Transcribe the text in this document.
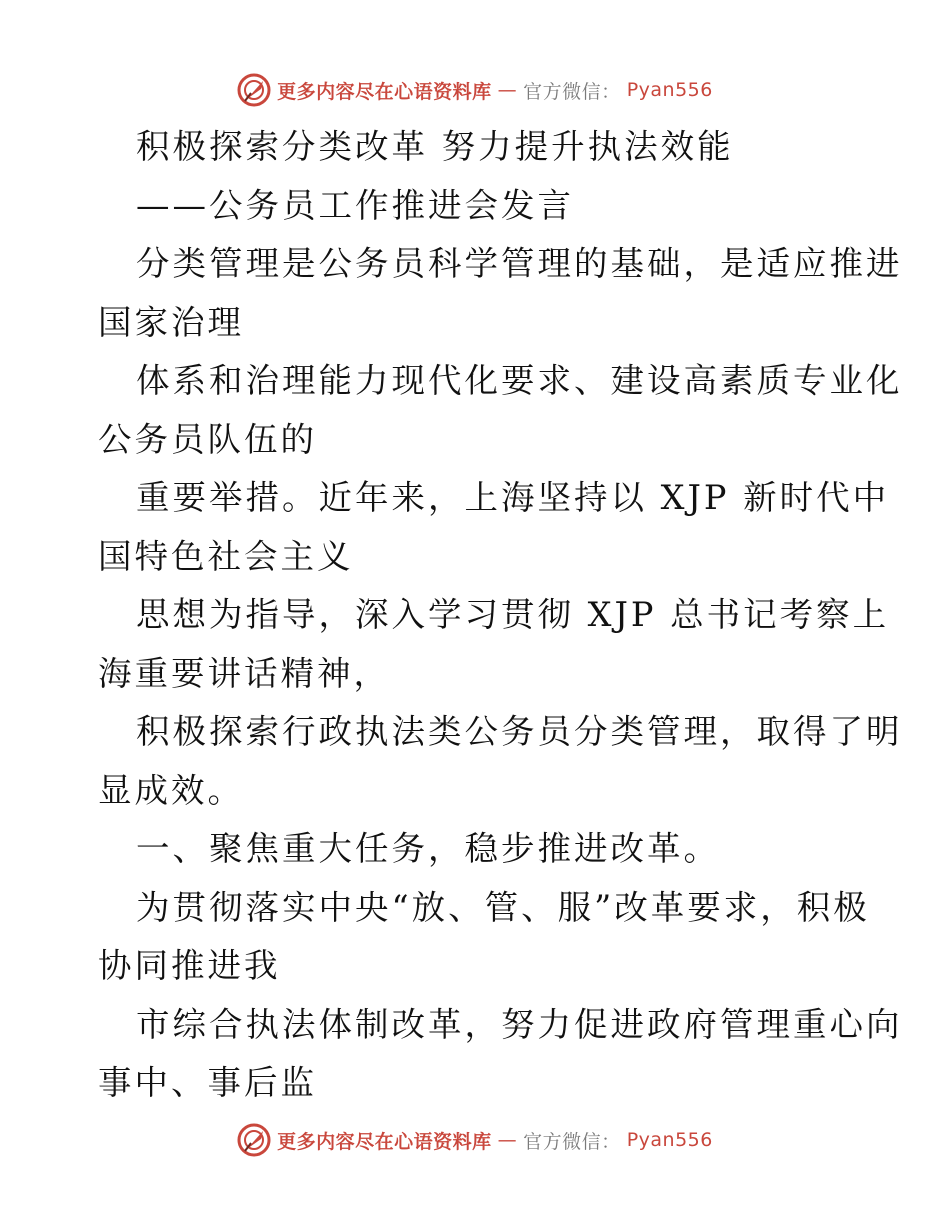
更多内容尽在心语资料库 — 官方微信： Pyan556
积极探索分类改革 努力提升执法效能
——公务员工作推进会发言
分类管理是公务员科学管理的基础，是适应推进
国家治理
体系和治理能力现代化要求、建设高素质专业化
公务员队伍的
重要举措。近年来，上海坚持以 XJP 新时代中
国特色社会主义
思想为指导，深入学习贯彻 XJP 总书记考察上
海重要讲话精神，
积极探索行政执法类公务员分类管理，取得了明
显成效。
一、聚焦重大任务，稳步推进改革。
为贯彻落实中央“放、管、服”改革要求，积极
协同推进我
市综合执法体制改革，努力促进政府管理重心向
事中、事后监
更多内容尽在心语资料库 — 官方微信： Pyan556
